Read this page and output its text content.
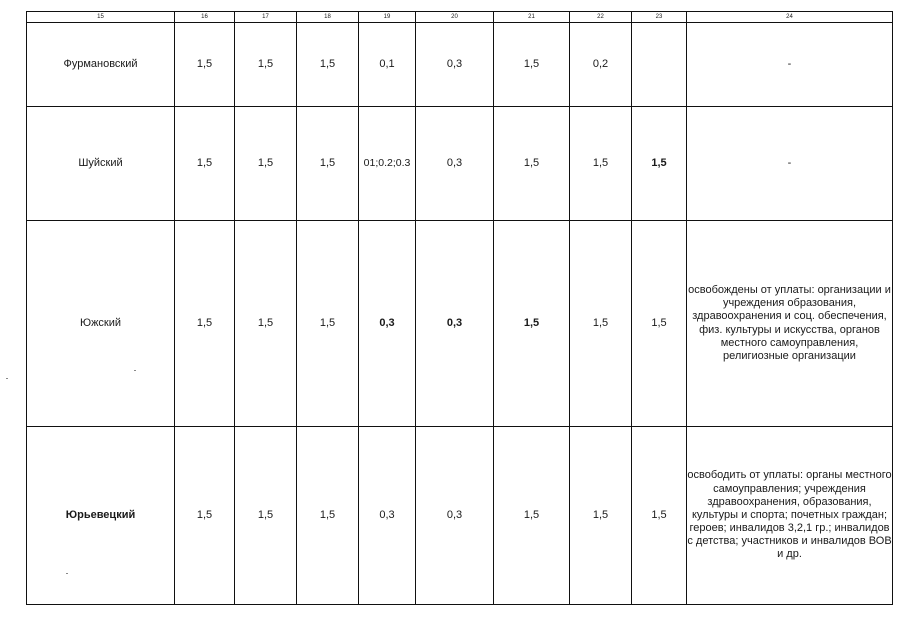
15	16	17	18	19	20	21	22	23	24
Фурмановский	1,5	1,5	1,5	0,1	0,3	1,5	0,2		-
Шуйский	1,5	1,5	1,5	01;0.2;0.3	0,3	1,5	1,5	1,5	-
Южский	1,5	1,5	1,5	0,3	0,3	1,5	1,5	1,5	освобождены от уплаты: организации и учреждения образования, здравоохранения и соц. обеспечения, физ. культуры и искусства, органов местного самоуправления, религиозные организации

Юрьевецкий	1,5	1,5	1,5	0,3	0,3	1,5	1,5	1,5	освободить от уплаты: органы местного самоуправления; учреждения здравоохранения, образования, культуры и спорта; почетных граждан; героев; инвалидов 3,2,1 гр.; инвалидов с детства; участников и инвалидов ВОВ и др.
